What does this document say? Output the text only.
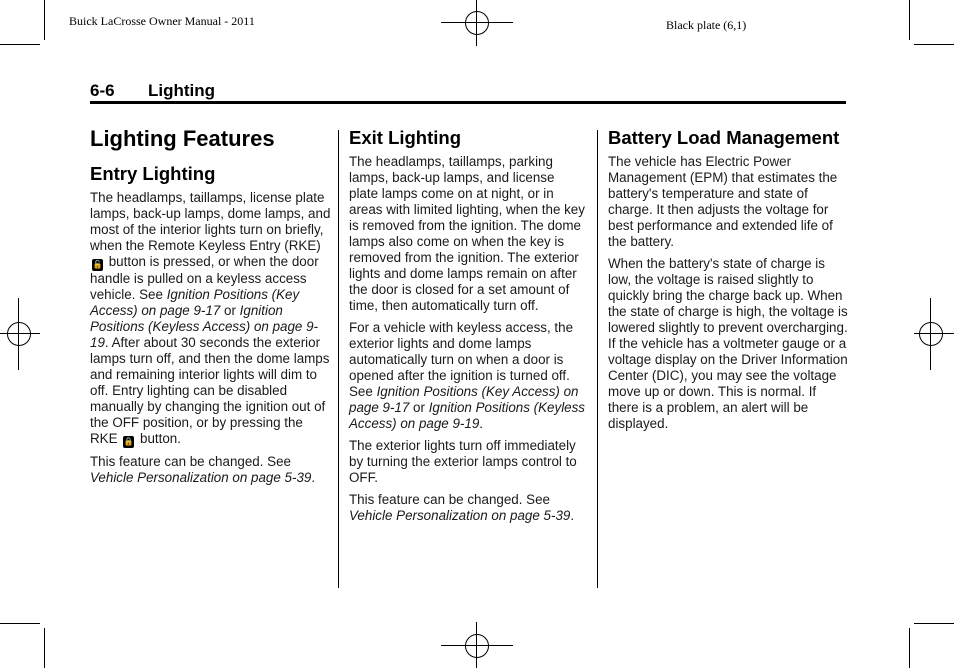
Buick LaCrosse Owner Manual - 2011	Black plate (6,1)
6-6 Lighting
Lighting Features
Entry Lighting

The headlamps, taillamps, license plate lamps, back-up lamps, dome lamps, and most of the interior lights turn on briefly, when the Remote Keyless Entry (RKE) 🔓 button is pressed, or when the door handle is pulled on a keyless access vehicle. See Ignition Positions (Key Access) on page 9-17 or Ignition Positions (Keyless Access) on page 9-19. After about 30 seconds the exterior lamps turn off, and then the dome lamps and remaining interior lights will dim to off. Entry lighting can be disabled manually by changing the ignition out of the OFF position, or by pressing the RKE 🔒 button.

This feature can be changed. See Vehicle Personalization on page 5-39.

Exit Lighting

The headlamps, taillamps, parking lamps, back-up lamps, and license plate lamps come on at night, or in areas with limited lighting, when the key is removed from the ignition. The dome lamps also come on when the key is removed from the ignition. The exterior lights and dome lamps remain on after the door is closed for a set amount of time, then automatically turn off.

For a vehicle with keyless access, the exterior lights and dome lamps automatically turn on when a door is opened after the ignition is turned off. See Ignition Positions (Key Access) on page 9-17 or Ignition Positions (Keyless Access) on page 9-19.

The exterior lights turn off immediately by turning the exterior lamps control to OFF.

This feature can be changed. See Vehicle Personalization on page 5-39.

Battery Load Management

The vehicle has Electric Power Management (EPM) that estimates the battery's temperature and state of charge. It then adjusts the voltage for best performance and extended life of the battery.

When the battery's state of charge is low, the voltage is raised slightly to quickly bring the charge back up. When the state of charge is high, the voltage is lowered slightly to prevent overcharging. If the vehicle has a voltmeter gauge or a voltage display on the Driver Information Center (DIC), you may see the voltage move up or down. This is normal. If there is a problem, an alert will be displayed.
